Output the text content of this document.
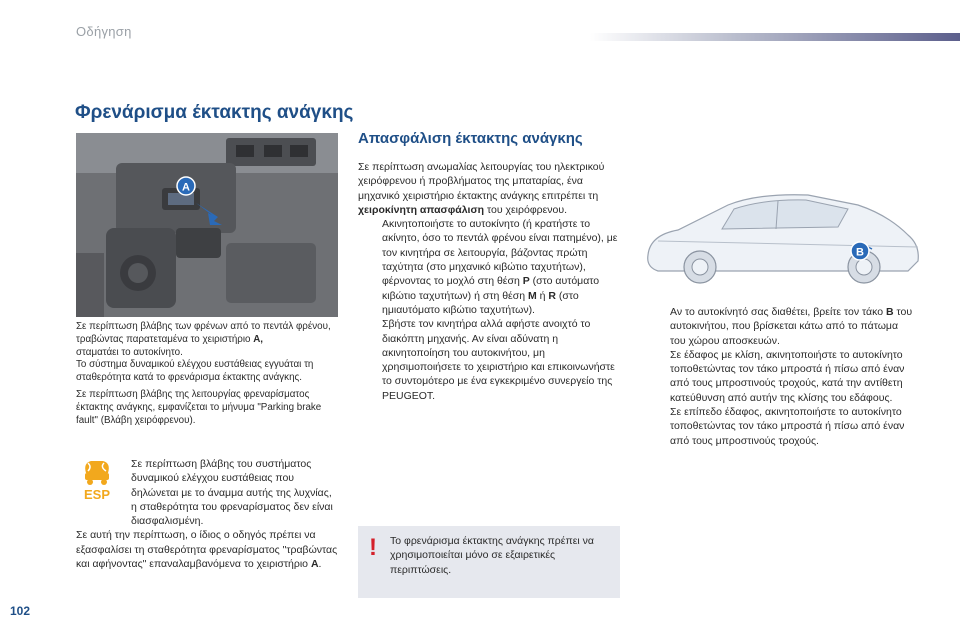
Οδήγηση
Φρενάρισμα έκτακτης ανάγκης
A

Σε περίπτωση βλάβης των φρένων από το πεντάλ φρένου, τραβώντας παρατεταμένα το χειριστήριο A,
σταματάει το αυτοκίνητο.

Το σύστημα δυναμικού ελέγχου ευστάθειας εγγυάται τη σταθερότητα κατά το φρενάρισμα έκτακτης ανάγκης.

Σε περίπτωση βλάβης της λειτουργίας φρεναρίσματος έκτακτης ανάγκης, εμφανίζεται το μήνυμα "Parking brake fault" (Βλάβη χειρόφρενου).

ESP

Σε περίπτωση βλάβης του συστήματος δυναμικού ελέγχου ευστάθειας που δηλώνεται με το άναμμα αυτής της λυχνίας, η σταθερότητα του φρεναρίσματος δεν είναι διασφαλισμένη.

Σε αυτή την περίπτωση, ο ίδιος ο οδηγός πρέπει να εξασφαλίσει τη σταθερότητα φρεναρίσματος "τραβώντας και αφήνοντας" επαναλαμβανόμενα το χειριστήριο A.

Απασφάλιση έκτακτης ανάγκης

Σε περίπτωση ανωμαλίας λειτουργίας του ηλεκτρικού χειρόφρενου ή προβλήματος της μπαταρίας, ένα μηχανικό χειριστήριο έκτακτης ανάγκης επιτρέπει τη χειροκίνητη απασφάλιση του χειρόφρενου.

Ακινητοποιήστε το αυτοκίνητο (ή κρατήστε το ακίνητο, όσο το πεντάλ φρένου είναι πατημένο), με τον κινητήρα σε λειτουργία, βάζοντας πρώτη ταχύτητα (στο μηχανικό κιβώτιο ταχυτήτων), φέρνοντας το μοχλό στη θέση P (στο αυτόματο κιβώτιο ταχυτήτων) ή στη θέση M ή R (στο ημιαυτόματο κιβώτιο ταχυτήτων).

Σβήστε τον κινητήρα αλλά αφήστε ανοιχτό το διακόπτη μηχανής. Αν είναι αδύνατη η ακινητοποίηση του αυτοκινήτου, μη χρησιμοποιήσετε το χειριστήριο και επικοινωνήστε το συντομότερο με ένα εγκεκριμένο συνεργείο της PEUGEOT.

! Το φρενάρισμα έκτακτης ανάγκης πρέπει να χρησιμοποιείται μόνο σε εξαιρετικές περιπτώσεις.
B

Αν το αυτοκίνητό σας διαθέτει, βρείτε τον τάκο B του αυτοκινήτου, που βρίσκεται κάτω από το πάτωμα του χώρου αποσκευών.

Σε έδαφος με κλίση, ακινητοποιήστε το αυτοκίνητο τοποθετώντας τον τάκο μπροστά ή πίσω από έναν από τους μπροστινούς τροχούς, κατά την αντίθετη κατεύθυνση από αυτήν της κλίσης του εδάφους.

Σε επίπεδο έδαφος, ακινητοποιήστε το αυτοκίνητο τοποθετώντας τον τάκο μπροστά ή πίσω από έναν από τους μπροστινούς τροχούς.

102
